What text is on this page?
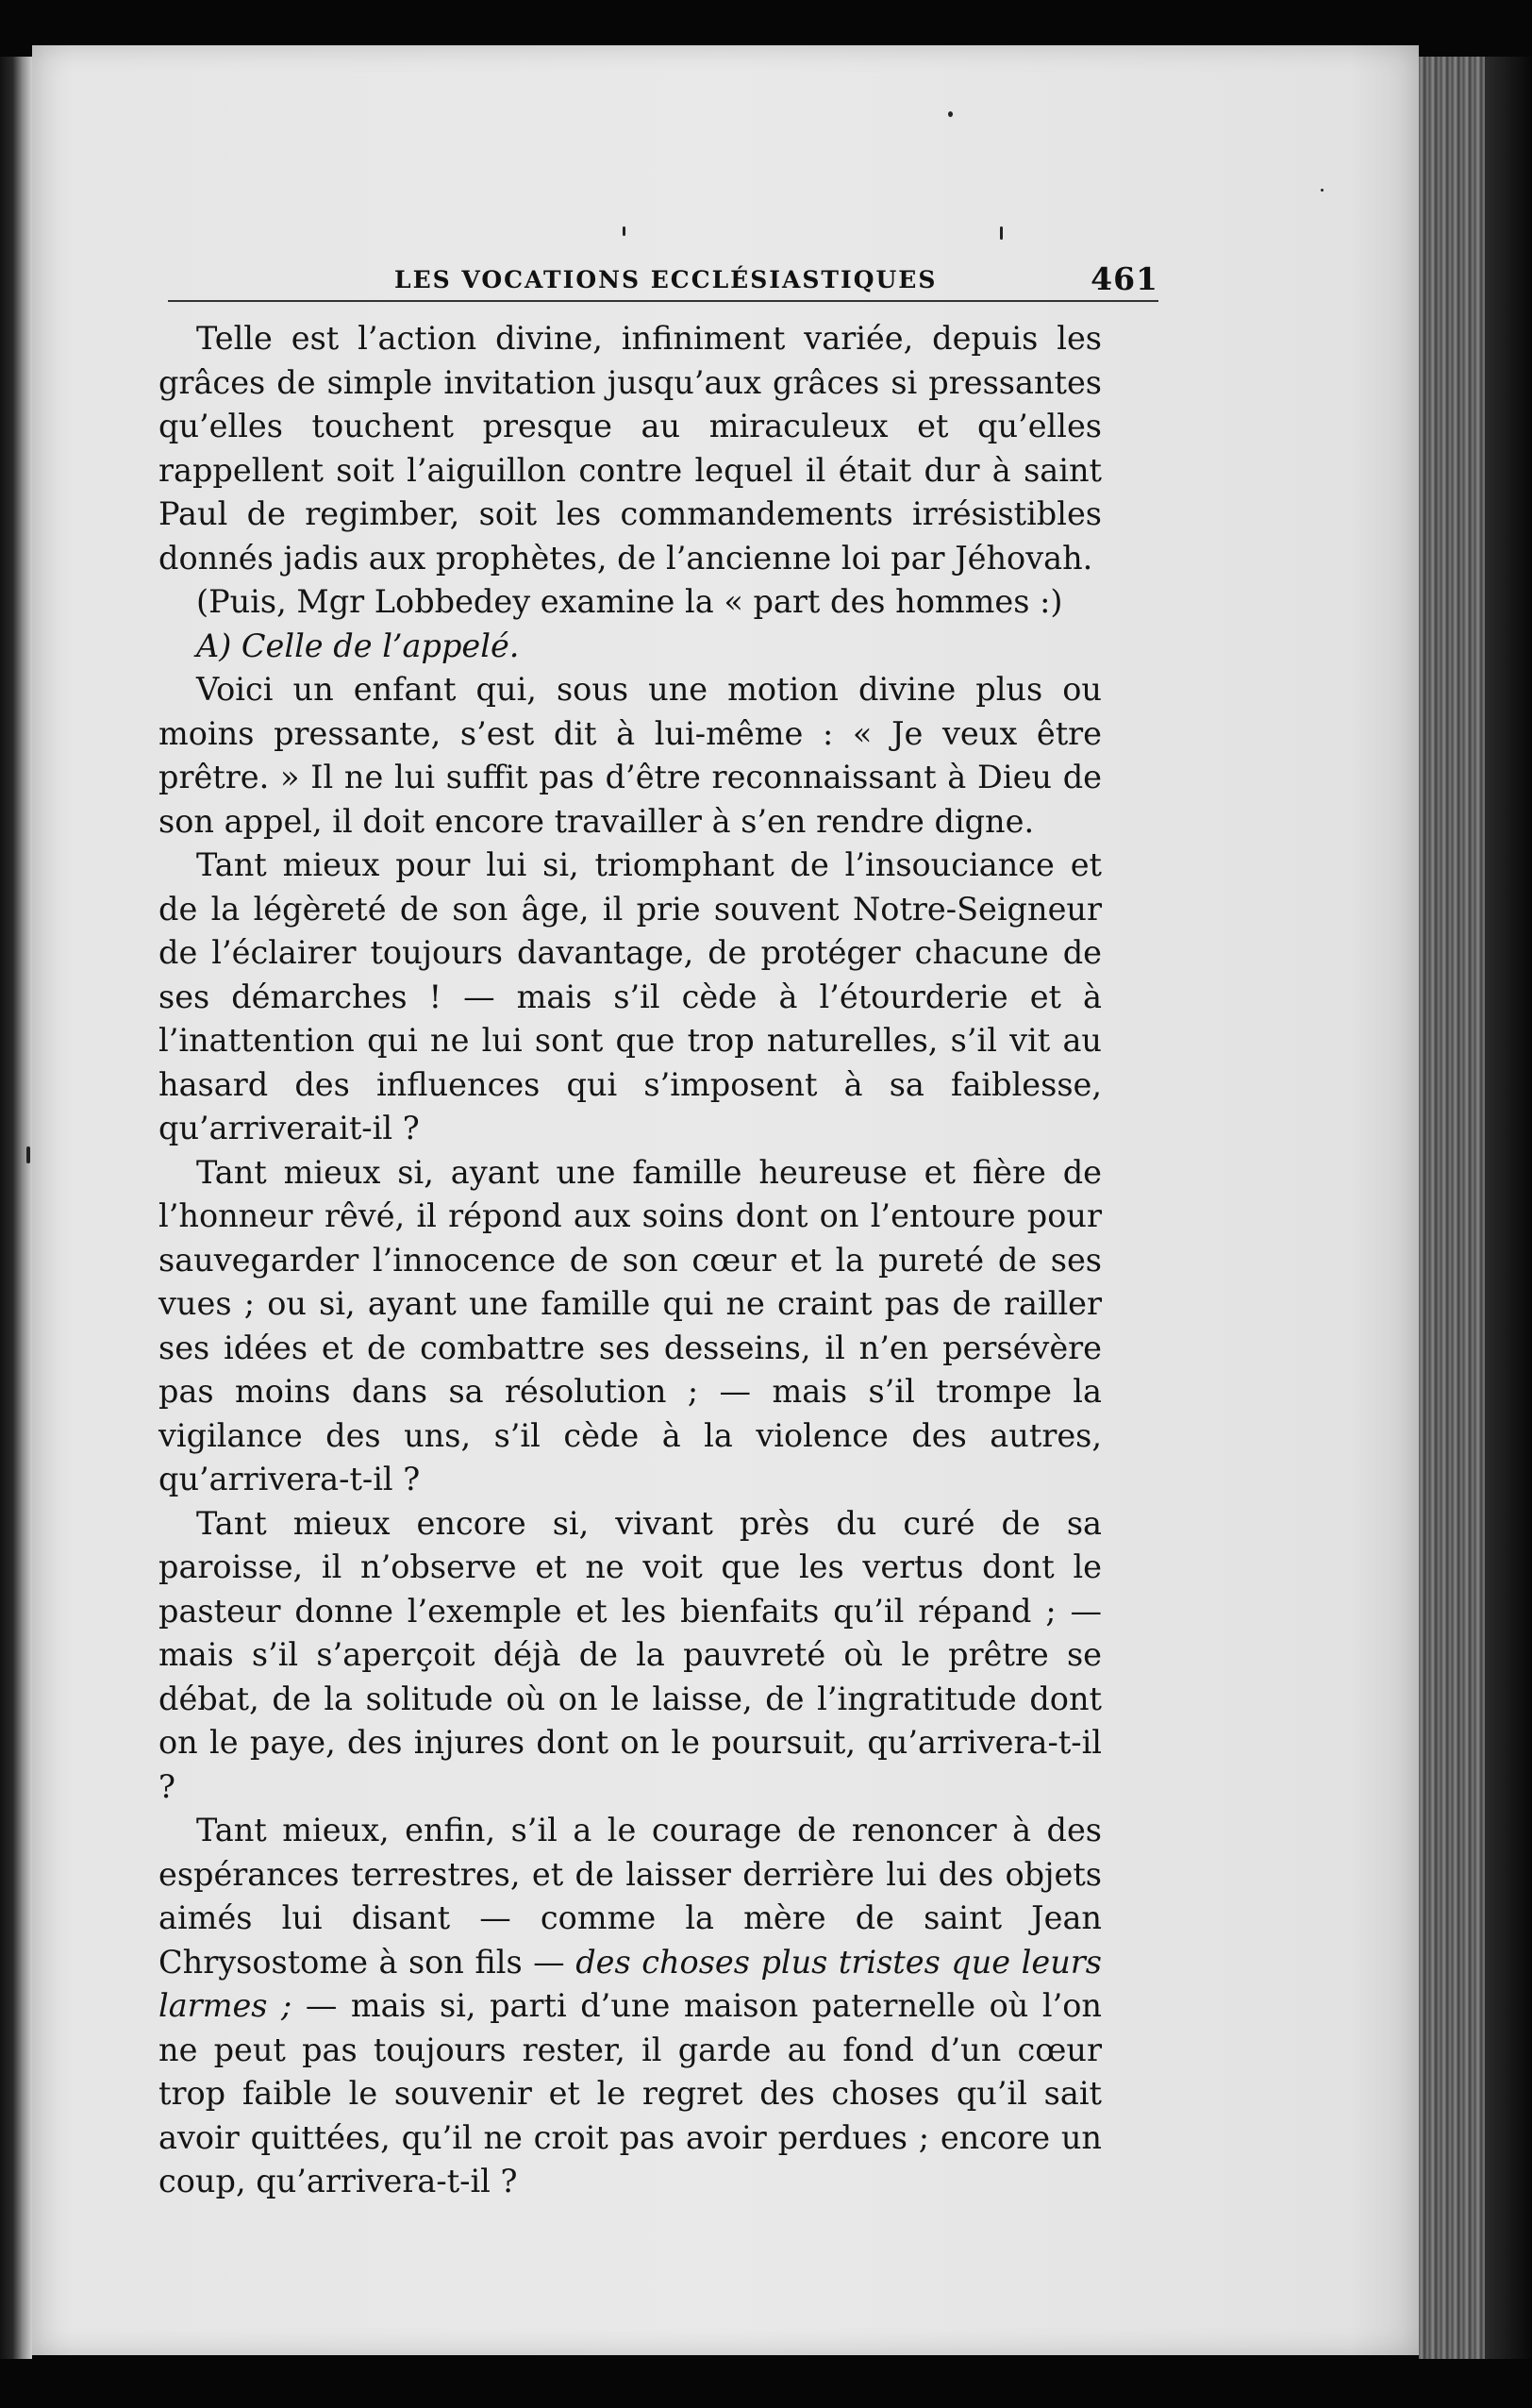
LES VOCATIONS ECCLÉSIASTIQUES	461

Telle est l’action divine, infiniment variée, depuis les grâces de simple invitation jusqu’aux grâces si pressantes qu’elles touchent presque au miraculeux et qu’elles rappellent soit l’aiguillon contre lequel il était dur à saint Paul de regimber, soit les commandements irrésistibles donnés jadis aux prophètes, de l’ancienne loi par Jéhovah.

(Puis, Mgr Lobbedey examine la « part des hommes :)

A) Celle de l’appelé.

Voici un enfant qui, sous une motion divine plus ou moins pressante, s’est dit à lui-même : « Je veux être prêtre. » Il ne lui suffit pas d’être reconnaissant à Dieu de son appel, il doit encore travailler à s’en rendre digne.

Tant mieux pour lui si, triomphant de l’insouciance et de la légèreté de son âge, il prie souvent Notre-Seigneur de l’éclairer toujours davantage, de protéger chacune de ses démarches ! — mais s’il cède à l’étourderie et à l’inattention qui ne lui sont que trop naturelles, s’il vit au hasard des influences qui s’imposent à sa faiblesse, qu’arriverait-il ?

Tant mieux si, ayant une famille heureuse et fière de l’honneur rêvé, il répond aux soins dont on l’entoure pour sauvegarder l’innocence de son cœur et la pureté de ses vues ; ou si, ayant une famille qui ne craint pas de railler ses idées et de combattre ses desseins, il n’en persévère pas moins dans sa résolution ; — mais s’il trompe la vigilance des uns, s’il cède à la violence des autres, qu’arrivera-t-il ?

Tant mieux encore si, vivant près du curé de sa paroisse, il n’observe et ne voit que les vertus dont le pasteur donne l’exemple et les bienfaits qu’il répand ; — mais s’il s’aperçoit déjà de la pauvreté où le prêtre se débat, de la solitude où on le laisse, de l’ingratitude dont on le paye, des injures dont on le poursuit, qu’arrivera-t-il ?

Tant mieux, enfin, s’il a le courage de renoncer à des espérances terrestres, et de laisser derrière lui des objets aimés lui disant — comme la mère de saint Jean Chrysostome à son fils — des choses plus tristes que leurs larmes ; — mais si, parti d’une maison paternelle où l’on ne peut pas toujours rester, il garde au fond d’un cœur trop faible le souvenir et le regret des choses qu’il sait avoir quittées, qu’il ne croit pas avoir perdues ; encore un coup, qu’arrivera-t-il ?
